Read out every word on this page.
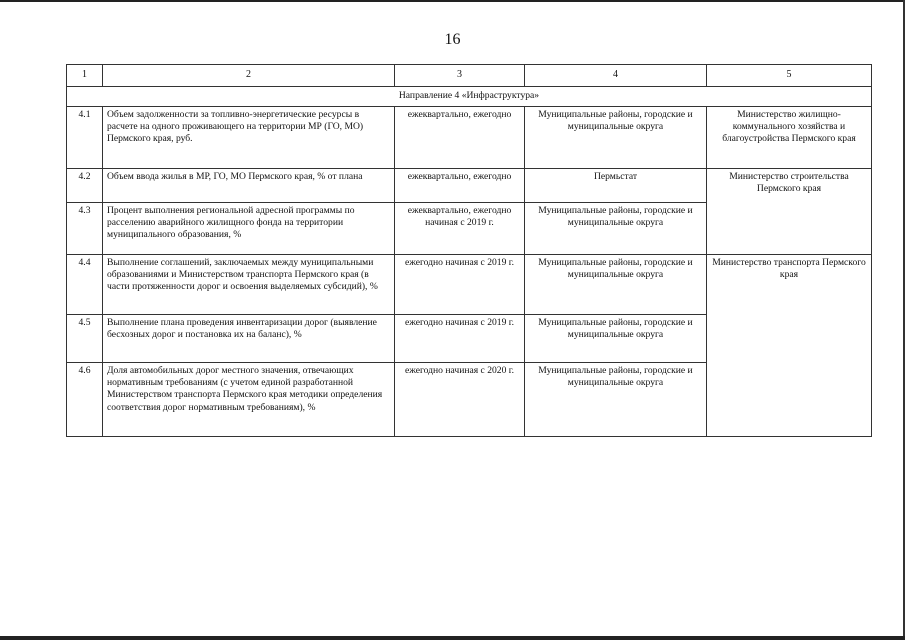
16
1	2	3	4	5
Направление 4 «Инфраструктура»				
4.1	Объем задолженности за топливно-энергетические ресурсы в расчете на одного проживающего на территории МР (ГО, МО) Пермского края, руб.	ежеквартально, ежегодно	Муниципальные районы, городские и муниципальные округа	Министерство жилищно-коммунального хозяйства и благоустройства Пермского края
4.2	Объем ввода жилья в МР, ГО, МО Пермского края, % от плана	ежеквартально, ежегодно	Пермьстат	Министерство строительства Пермского края
4.3	Процент выполнения региональной адресной программы по расселению аварийного жилищного фонда на территории муниципального образования, %	ежеквартально, ежегодно начиная с 2019 г.	Муниципальные районы, городские и муниципальные округа	
4.4	Выполнение соглашений, заключаемых между муниципальными образованиями и Министерством транспорта Пермского края (в части протяженности дорог и освоения выделяемых субсидий), %	ежегодно начиная с 2019 г.	Муниципальные районы, городские и муниципальные округа	Министерство транспорта Пермского края
4.5	Выполнение плана проведения инвентаризации дорог (выявление бесхозных дорог и постановка их на баланс), %	ежегодно начиная с 2019 г.	Муниципальные районы, городские и муниципальные округа	
4.6	Доля автомобильных дорог местного значения, отвечающих нормативным требованиям (с учетом единой разработанной Министерством транспорта Пермского края методики определения соответствия дорог нормативным требованиям), %	ежегодно начиная с 2020 г.	Муниципальные районы, городские и муниципальные округа	
